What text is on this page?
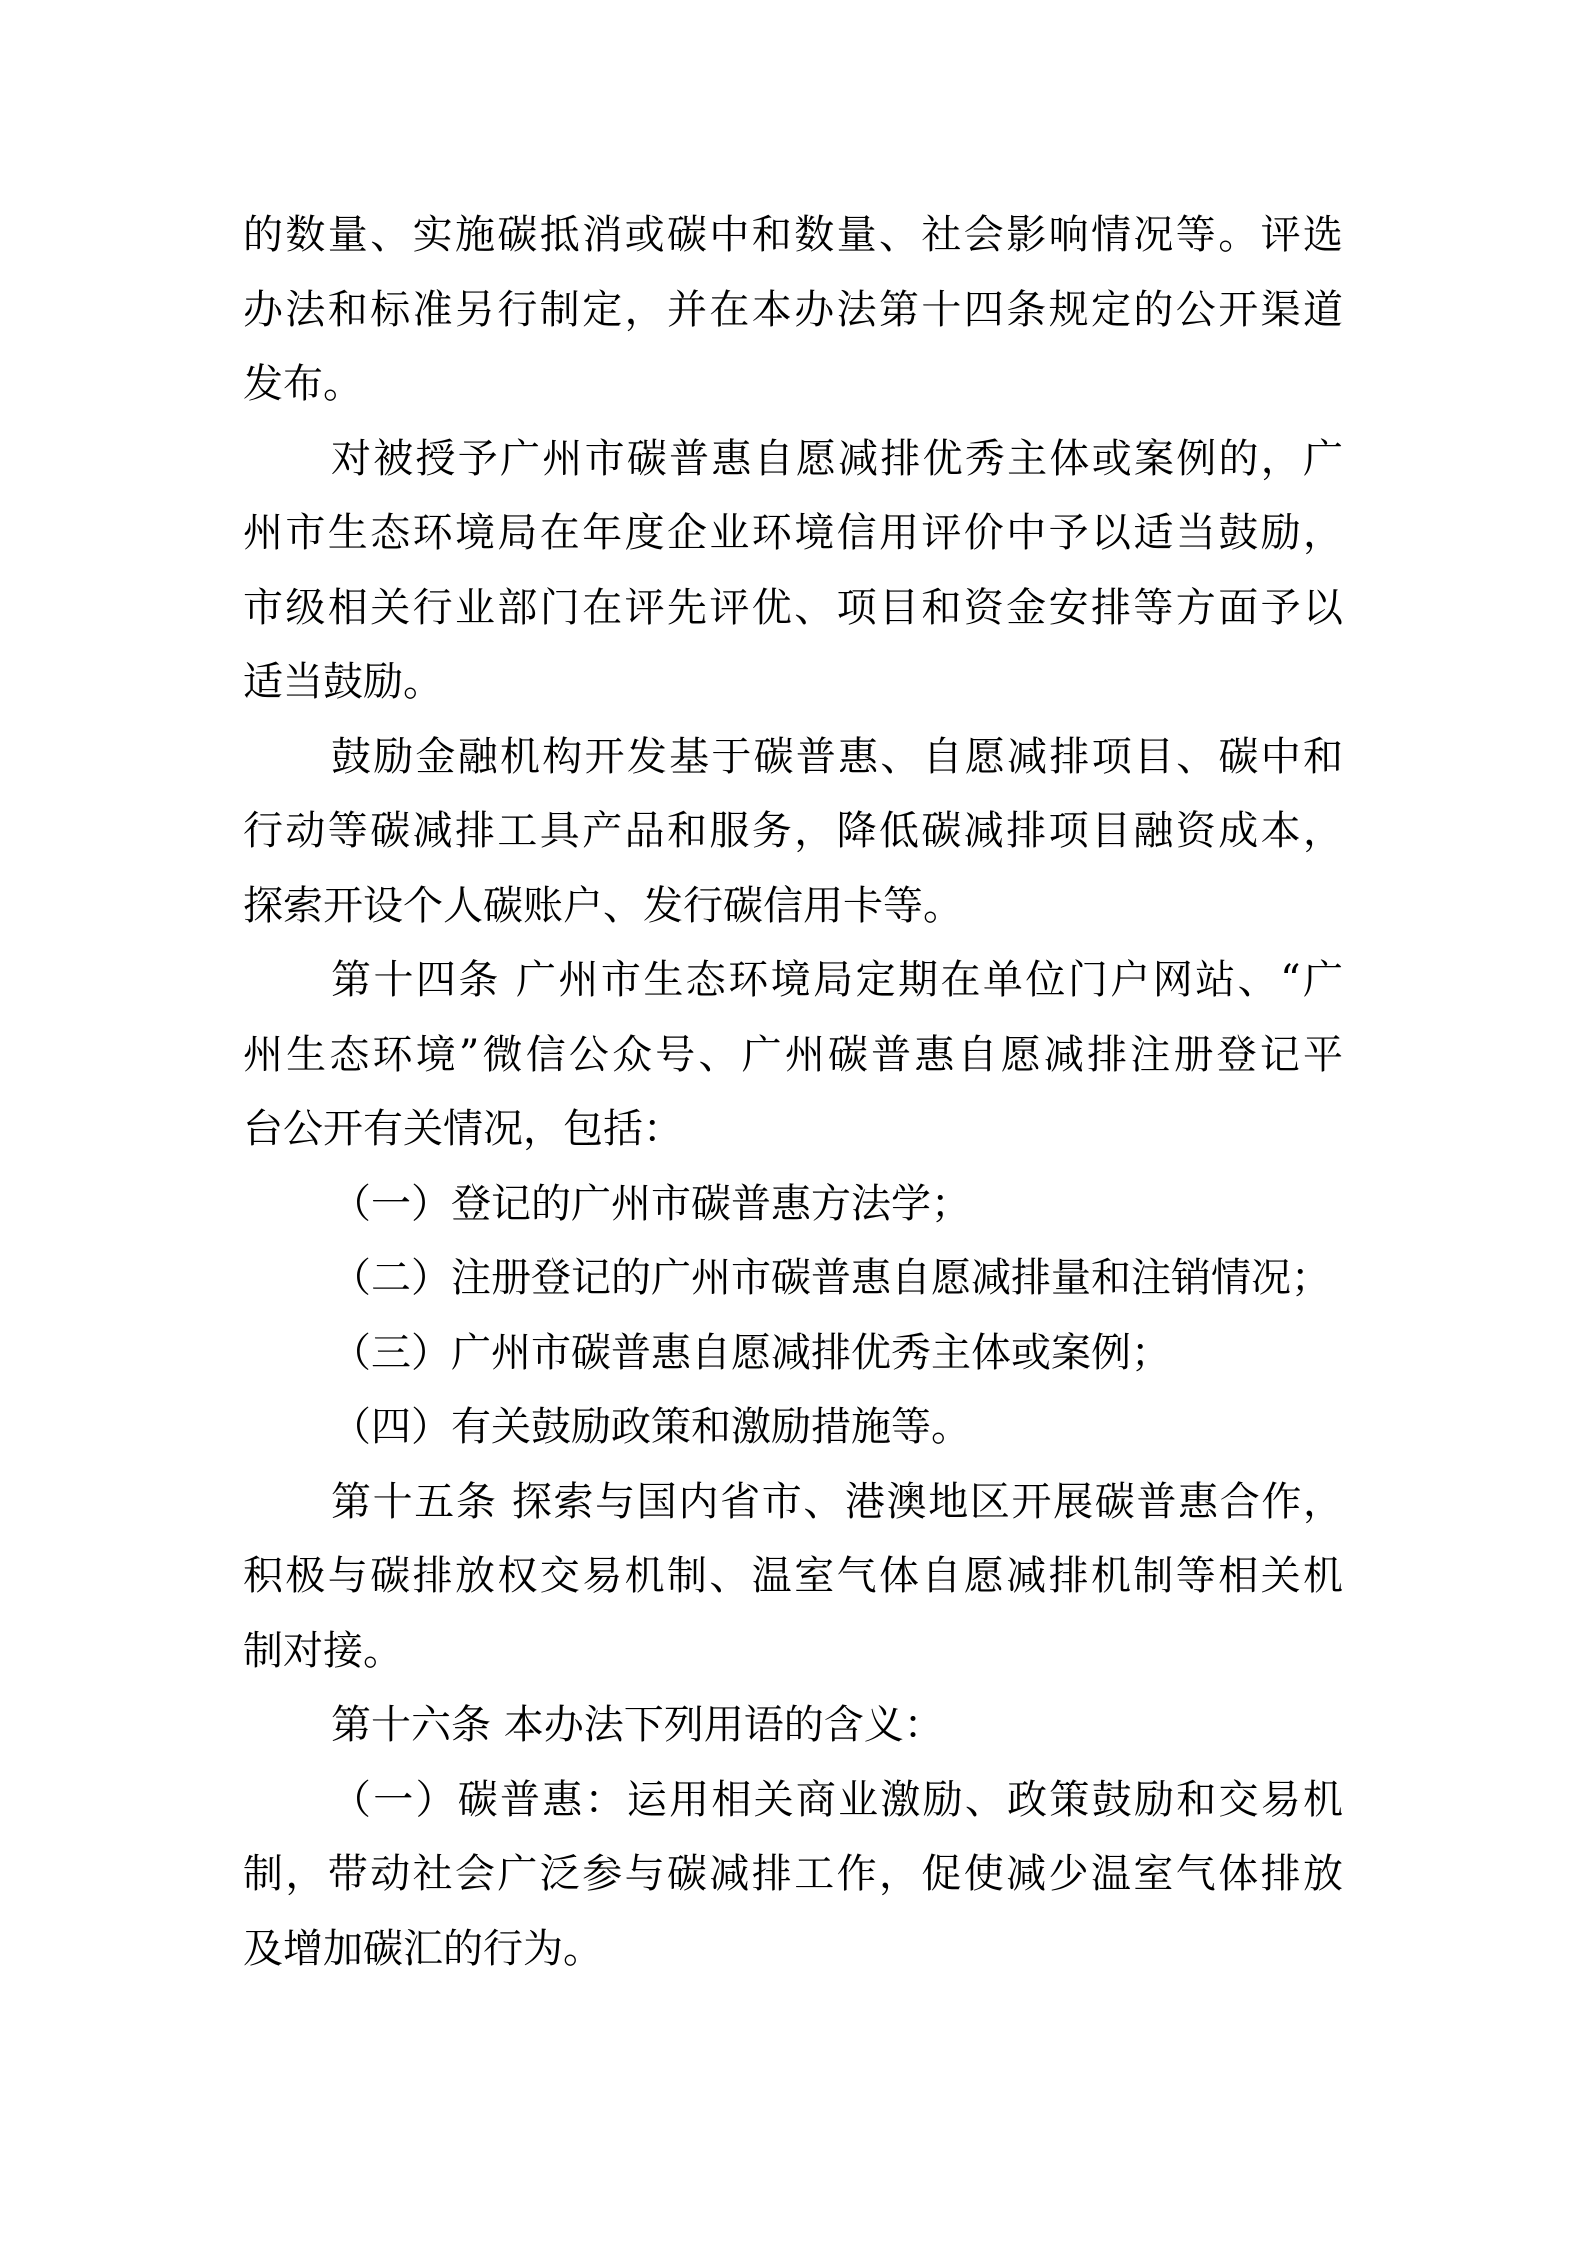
的数量、实施碳抵消或碳中和数量、社会影响情况等。评选
办法和标准另行制定，并在本办法第十四条规定的公开渠道
发布。
对被授予广州市碳普惠自愿减排优秀主体或案例的，广
州市生态环境局在年度企业环境信用评价中予以适当鼓励，
市级相关行业部门在评先评优、项目和资金安排等方面予以
适当鼓励。
鼓励金融机构开发基于碳普惠、自愿减排项目、碳中和
行动等碳减排工具产品和服务，降低碳减排项目融资成本，
探索开设个人碳账户、发行碳信用卡等。
第十四条 广州市生态环境局定期在单位门户网站、“广
州生态环境”微信公众号、广州碳普惠自愿减排注册登记平
台公开有关情况，包括：
（一）登记的广州市碳普惠方法学；
（二）注册登记的广州市碳普惠自愿减排量和注销情况；
（三）广州市碳普惠自愿减排优秀主体或案例；
（四）有关鼓励政策和激励措施等。
第十五条 探索与国内省市、港澳地区开展碳普惠合作，
积极与碳排放权交易机制、温室气体自愿减排机制等相关机
制对接。
第十六条 本办法下列用语的含义：
（一）碳普惠：运用相关商业激励、政策鼓励和交易机
制，带动社会广泛参与碳减排工作，促使减少温室气体排放
及增加碳汇的行为。
